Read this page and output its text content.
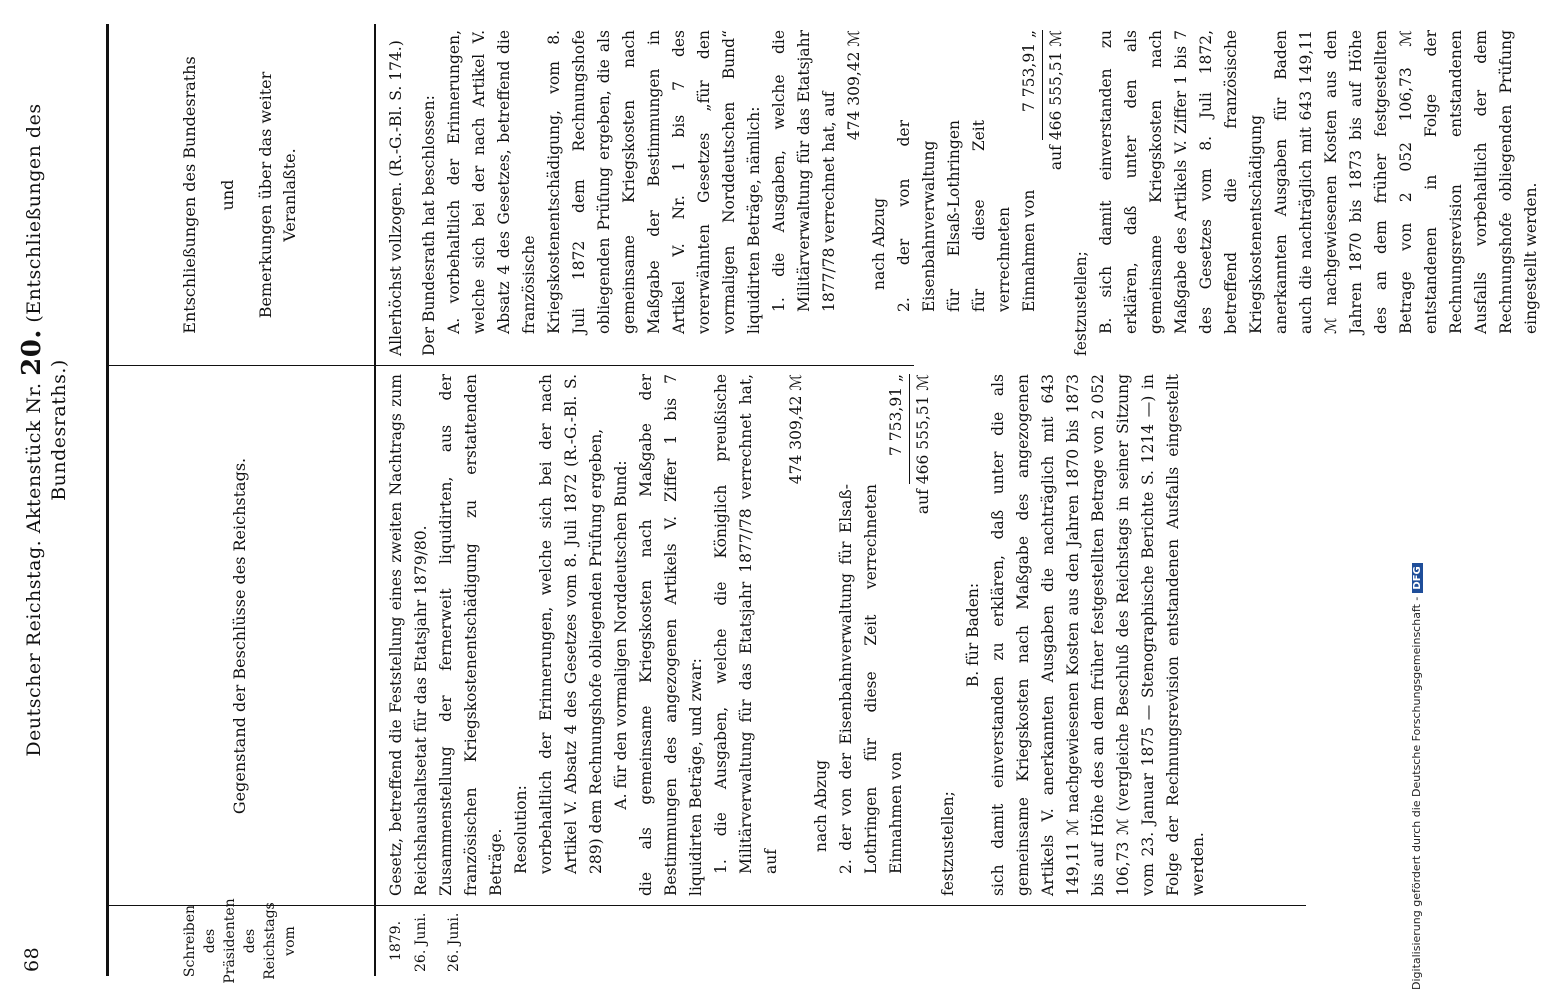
68
Deutscher Reichstag. Aktenstück Nr. 20. (Entschließungen des Bundesraths.)
Schreiben des Präsidenten des Reichstags vom
Gegenstand der Beschlüsse des Reichstags.
Entschließungen des Bundesraths und Bemerkungen über das weiter Veranlaßte.

1879. 26. Juni.	26. Juni.

Gesetz, betreffend die Feststellung eines zweiten Nachtrags zum Reichshaushaltsetat für das Etatsjahr 1879/80. Zusammenstellung der fernerweit liquidirten, aus der französischen Kriegskostenentschädigung zu erstattenden Beträge. Resolution: vorbehaltlich der Erinnerungen, welche sich bei der nach Artikel V. Absatz 4 des Gesetzes vom 8. Juli 1872 (R.-G.-Bl. S. 289) dem Rechnungshofe obliegenden Prüfung ergeben, A. für den vormaligen Norddeutschen Bund: die als gemeinsame Kriegskosten nach Maßgabe der Bestimmungen des angezogenen Artikels V. Ziffer 1 bis 7 liquidirten Beträge, und zwar: 1. die Ausgaben, welche die Königlich preußische Militärverwaltung für das Etatsjahr 1877/78 verrechnet hat, auf

474 309,42 ℳ

nach Abzug 2. der von der Eisenbahnverwaltung für Elsaß-Lothringen für diese Zeit verrechneten Einnahmen von

7 753,91 „

auf 466 555,51 ℳ

festzustellen;

B. für Baden: sich damit einverstanden zu erklären, daß unter die als gemeinsame Kriegskosten nach Maßgabe des angezogenen Artikels V. anerkannten Ausgaben die nachträglich mit 643 149,11 ℳ nachgewiesenen Kosten aus den Jahren 1870 bis 1873 bis auf Höhe des an dem früher festgestellten Betrage von 2 052 106,73 ℳ (vergleiche Beschluß des Reichstags in seiner Sitzung vom 23. Januar 1875 — Stenographische Berichte S. 1214 —) in Folge der Rechnungsrevision entstandenen Ausfalls eingestellt werden.

Allerhöchst vollzogen. (R.-G.-Bl. S. 174.) Der Bundesrath hat beschlossen: A. vorbehaltlich der Erinnerungen, welche sich bei der nach Artikel V. Absatz 4 des Gesetzes, betreffend die französische Kriegskostenentschädigung, vom 8. Juli 1872 dem Rechnungshofe obliegenden Prüfung ergeben, die als gemeinsame Kriegskosten nach Maßgabe der Bestimmungen in Artikel V. Nr. 1 bis 7 des vorerwähnten Gesetzes „für den vormaligen Norddeutschen Bund“ liquidirten Beträge, nämlich: 1. die Ausgaben, welche die Militärverwaltung für das Etatsjahr 1877/78 verrechnet hat, auf

474 309,42 ℳ

nach Abzug 2. der von der Eisenbahnverwaltung für Elsaß-Lothringen für diese Zeit verrechneten Einnahmen von

7 753,91 „

auf 466 555,51 ℳ

festzustellen; B. sich damit einverstanden zu erklären, daß unter den als gemeinsame Kriegskosten nach Maßgabe des Artikels V. Ziffer 1 bis 7 des Gesetzes vom 8. Juli 1872, betreffend die französische Kriegskostenentschädigung anerkannten Ausgaben für Baden auch die nachträglich mit 643 149,11 ℳ nachgewiesenen Kosten aus den Jahren 1870 bis 1873 bis auf Höhe des an dem früher festgestellten Betrage von 2 052 106,73 ℳ entstandenen in Folge der Rechnungsrevision entstandenen Ausfalls vorbehaltlich der dem Rechnungshofe obliegenden Prüfung eingestellt werden.

Digitalisierung gefördert durch die Deutsche Forschungsgemeinschaft -DFG
